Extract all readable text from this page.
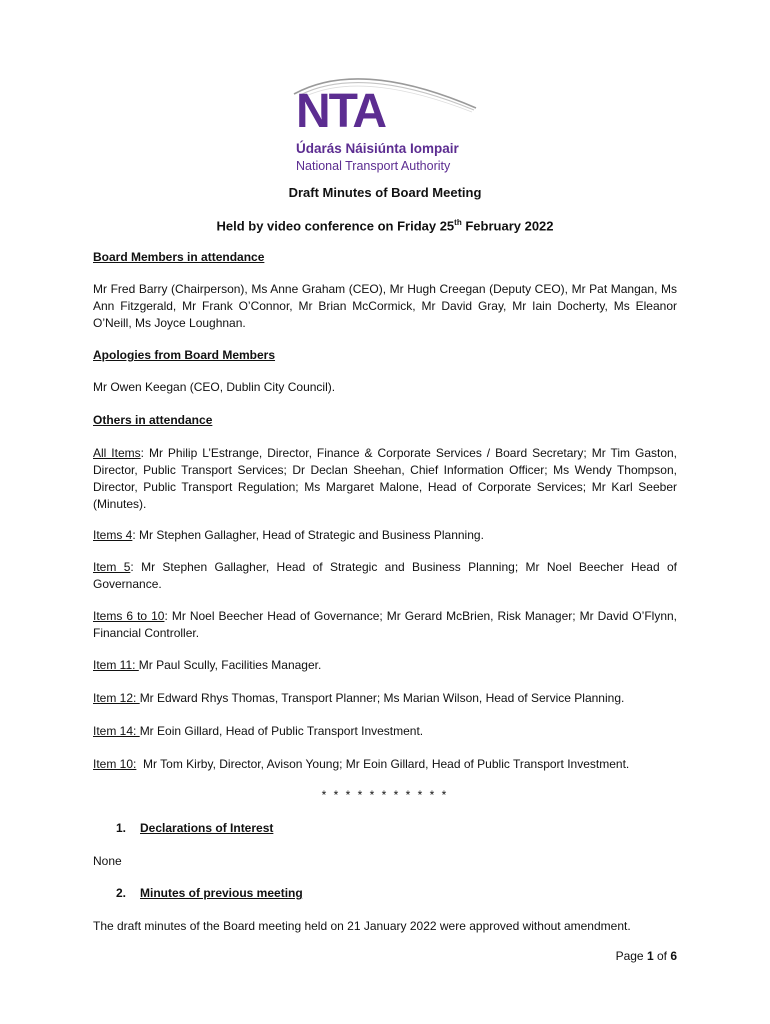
NTA
Údarás Náisiúnta Iompair
National Transport Authority
Draft Minutes of Board Meeting
Held by video conference on Friday 25th February 2022
Board Members in attendance
Mr Fred Barry (Chairperson), Ms Anne Graham (CEO), Mr Hugh Creegan (Deputy CEO), Mr Pat Mangan, Ms Ann Fitzgerald, Mr Frank O’Connor, Mr Brian McCormick, Mr David Gray, Mr Iain Docherty, Ms Eleanor O’Neill, Ms Joyce Loughnan.
Apologies from Board Members
Mr Owen Keegan (CEO, Dublin City Council).
Others in attendance
All Items: Mr Philip L’Estrange, Director, Finance & Corporate Services / Board Secretary; Mr Tim Gaston, Director, Public Transport Services; Dr Declan Sheehan, Chief Information Officer; Ms Wendy Thompson, Director, Public Transport Regulation; Ms Margaret Malone, Head of Corporate Services; Mr Karl Seeber (Minutes).
Items 4: Mr Stephen Gallagher, Head of Strategic and Business Planning.
Item 5: Mr Stephen Gallagher, Head of Strategic and Business Planning; Mr Noel Beecher Head of Governance.
Items 6 to 10: Mr Noel Beecher Head of Governance; Mr Gerard McBrien, Risk Manager; Mr David O’Flynn, Financial Controller.
Item 11: Mr Paul Scully, Facilities Manager.
Item 12: Mr Edward Rhys Thomas, Transport Planner; Ms Marian Wilson, Head of Service Planning.
Item 14: Mr Eoin Gillard, Head of Public Transport Investment.
Item 10: Mr Tom Kirby, Director, Avison Young; Mr Eoin Gillard, Head of Public Transport Investment.
* * * * * * * * * * *
1. Declarations of Interest
None
2. Minutes of previous meeting
The draft minutes of the Board meeting held on 21 January 2022 were approved without amendment.
Page 1 of 6
